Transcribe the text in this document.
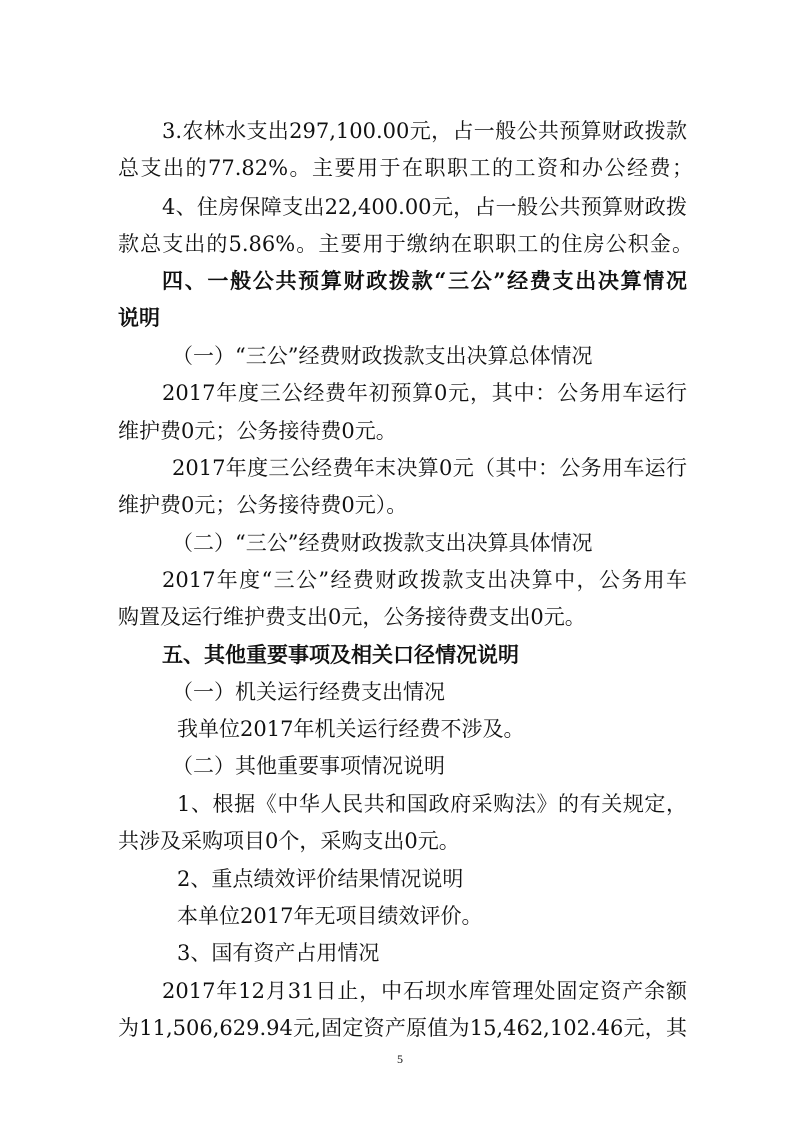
3.农林水支出297,100.00元，占一般公共预算财政拨款
总支出的77.82%。主要用于在职职工的工资和办公经费；
4、住房保障支出22,400.00元，占一般公共预算财政拨
款总支出的5.86%。主要用于缴纳在职职工的住房公积金。
四、一般公共预算财政拨款“三公”经费支出决算情况
说明
（一）“三公”经费财政拨款支出决算总体情况
2017年度三公经费年初预算0元，其中：公务用车运行
维护费0元；公务接待费0元。
2017年度三公经费年末决算0元（其中：公务用车运行
维护费0元；公务接待费0元）。
（二）“三公”经费财政拨款支出决算具体情况
2017年度“三公”经费财政拨款支出决算中，公务用车
购置及运行维护费支出0元，公务接待费支出0元。
五、其他重要事项及相关口径情况说明
（一）机关运行经费支出情况
我单位2017年机关运行经费不涉及。
（二）其他重要事项情况说明
1、根据《中华人民共和国政府采购法》的有关规定，
共涉及采购项目0个，采购支出0元。
2、重点绩效评价结果情况说明
本单位2017年无项目绩效评价。
3、国有资产占用情况
2017年12月31日止，中石坝水库管理处固定资产余额
为11,506,629.94元,固定资产原值为15,462,102.46元，其
5
